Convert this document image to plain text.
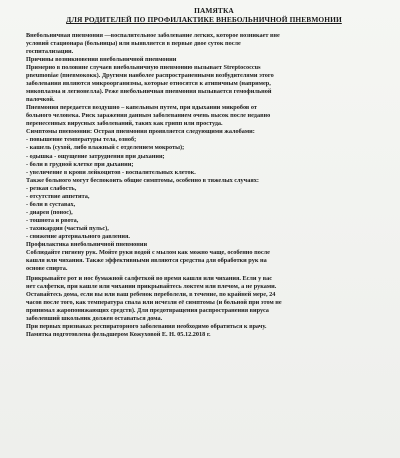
ПАМЯТКА
ДЛЯ РОДИТЕЛЕЙ ПО ПРОФИЛАКТИКЕ ВНЕБОЛЬНИЧНОЙ ПНЕВМОНИИ
Внебольничная пневмония —воспалительное заболевание легких, которое возникает вне
условий стационара (больницы) или выявляется в первые двое суток после
госпитализации.
Причины возникновения внебольничной пневмонии
Примерно в половине случаев внебольничную пневмонию вызывает Streptococcus
pneumoniae (пневмококк). Другими наиболее распространенными возбудителями этого
заболевания являются микроорганизмы, которые относятся к атипичным (например,
микоплазма и легионелла). Реже внебольничная пневмония вызывается гемофильной
палочкой.
Пневмония передается воздушно – капельным путем, при вдыхании микробов от
больного человека. Риск заражения данным заболеванием очень высок после недавно
перенесенных вирусных заболеваний, таких как грипп или простуда.
Симптомы пневмонии: Острая пневмония проявляется следующими жалобами:
- повышение температуры тела, озноб;
- кашель (сухой, либо влажный с отделением мокроты);
- одышка - ощущение затруднения при дыхании;
- боли в грудной клетке при дыхании;
- увеличение в крови лейкоцитов - воспалительных клеток.
Также больного могут беспокоить общие симптомы, особенно в тяжелых случаях:
- резкая слабость,
- отсутствие аппетита,
- боли в суставах,
- диарея (понос),
- тошнота и рвота,
- тахикардия (частый пульс),
- снижение артериального давления.
Профилактика внебольничной пневмонии
Соблюдайте гигиену рук. Мойте руки водой с мылом как можно чаще, особенно после
кашля или чихания. Также эффективными являются средства для обработки рук на
основе спирта.
Прикрывайте рот и нос бумажной салфеткой во время кашля или чихания. Если у вас
нет салфетки, при кашле или чихании прикрывайтесь локтем или плечом, а не руками.
Оставайтесь дома, если вы или ваш ребенок переболели, в течение, по крайней мере, 24
часов после того, как температура спала или исчезли её симптомы (и больной при этом не
принимал жаропонижающих средств). Для предотвращения распространения вируса
заболевший школьник должен оставаться дома.
При первых признаках респираторного заболевания необходимо обратиться к врачу.
Памятка подготовлена фельдшером Кожуховой Е. Н. 05.12.2018 г.
